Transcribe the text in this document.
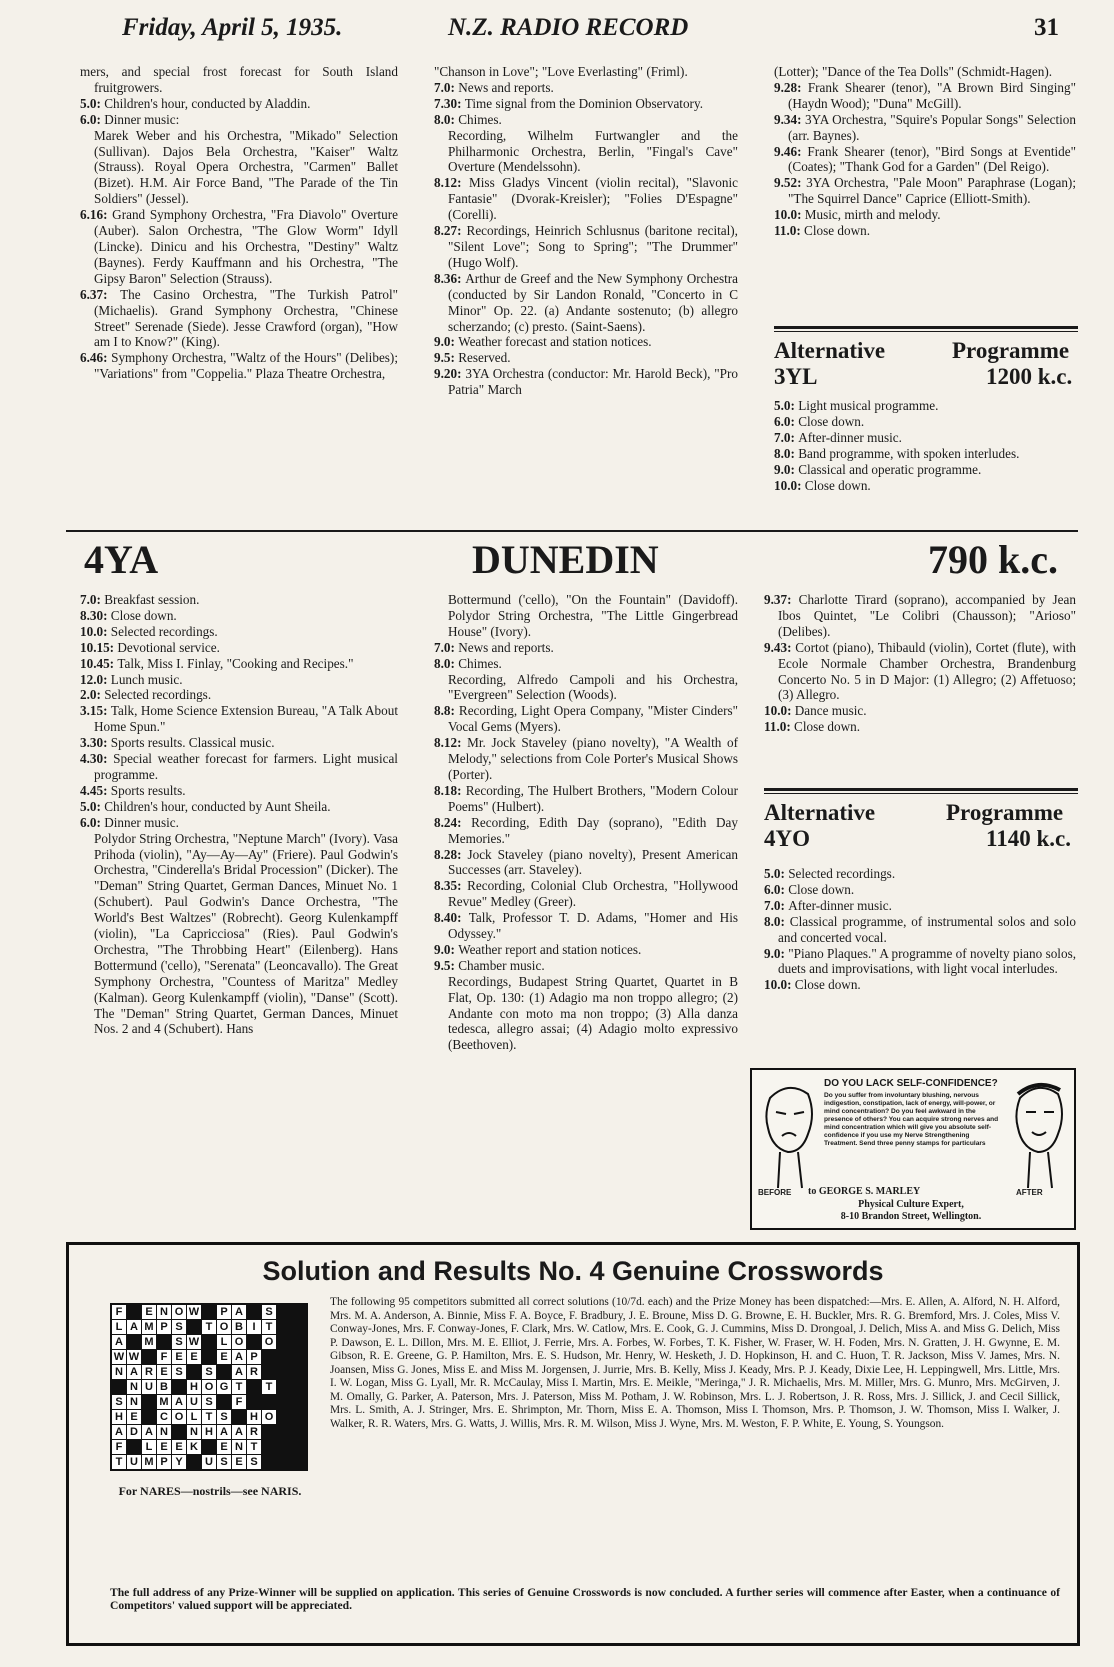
Friday, April 5, 1935.	N.Z. RADIO RECORD	31

mers, and special frost forecast for South Island fruitgrowers.

5.0: Children's hour, conducted by Aladdin.

6.0: Dinner music:

Marek Weber and his Orchestra, "Mikado" Selection (Sullivan). Dajos Bela Orchestra, "Kaiser" Waltz (Strauss). Royal Opera Orchestra, "Carmen" Ballet (Bizet). H.M. Air Force Band, "The Parade of the Tin Soldiers" (Jessel).

6.16: Grand Symphony Orchestra, "Fra Diavolo" Overture (Auber). Salon Orchestra, "The Glow Worm" Idyll (Lincke). Dinicu and his Orchestra, "Destiny" Waltz (Baynes). Ferdy Kauffmann and his Orchestra, "The Gipsy Baron" Selection (Strauss).

6.37: The Casino Orchestra, "The Turkish Patrol" (Michaelis). Grand Symphony Orchestra, "Chinese Street" Serenade (Siede). Jesse Crawford (organ), "How am I to Know?" (King).

6.46: Symphony Orchestra, "Waltz of the Hours" (Delibes); "Variations" from "Coppelia." Plaza Theatre Orchestra,

"Chanson in Love"; "Love Everlasting" (Friml).

7.0: News and reports.

7.30: Time signal from the Dominion Observatory.

8.0: Chimes.

Recording, Wilhelm Furtwangler and the Philharmonic Orchestra, Berlin, "Fingal's Cave" Overture (Mendelssohn).

8.12: Miss Gladys Vincent (violin recital), "Slavonic Fantasie" (Dvorak-Kreisler); "Folies D'Espagne" (Corelli).

8.27: Recordings, Heinrich Schlusnus (baritone recital), "Silent Love"; Song to Spring"; "The Drummer" (Hugo Wolf).

8.36: Arthur de Greef and the New Symphony Orchestra (conducted by Sir Landon Ronald, "Concerto in C Minor" Op. 22. (a) Andante sostenuto; (b) allegro scherzando; (c) presto. (Saint-Saens).

9.0: Weather forecast and station notices.

9.5: Reserved.

9.20: 3YA Orchestra (conductor: Mr. Harold Beck), "Pro Patria" March

(Lotter); "Dance of the Tea Dolls" (Schmidt-Hagen).

9.28: Frank Shearer (tenor), "A Brown Bird Singing" (Haydn Wood); "Duna" McGill).

9.34: 3YA Orchestra, "Squire's Popular Songs" Selection (arr. Baynes).

9.46: Frank Shearer (tenor), "Bird Songs at Eventide" (Coates); "Thank God for a Garden" (Del Reigo).

9.52: 3YA Orchestra, "Pale Moon" Paraphrase (Logan); "The Squirrel Dance" Caprice (Elliott-Smith).

10.0: Music, mirth and melody.

11.0: Close down.

Alternative	Programme
3YL	1200 k.c.

5.0: Light musical programme.

6.0: Close down.

7.0: After-dinner music.

8.0: Band programme, with spoken interludes.

9.0: Classical and operatic programme.

10.0: Close down.

4YA	DUNEDIN	790 k.c.

7.0: Breakfast session.

8.30: Close down.

10.0: Selected recordings.

10.15: Devotional service.

10.45: Talk, Miss I. Finlay, "Cooking and Recipes."

12.0: Lunch music.

2.0: Selected recordings.

3.15: Talk, Home Science Extension Bureau, "A Talk About Home Spun."

3.30: Sports results. Classical music.

4.30: Special weather forecast for farmers. Light musical programme.

4.45: Sports results.

5.0: Children's hour, conducted by Aunt Sheila.

6.0: Dinner music.

Polydor String Orchestra, "Neptune March" (Ivory). Vasa Prihoda (violin), "Ay—Ay—Ay" (Friere). Paul Godwin's Orchestra, "Cinderella's Bridal Procession" (Dicker). The "Deman" String Quartet, German Dances, Minuet No. 1 (Schubert). Paul Godwin's Dance Orchestra, "The World's Best Waltzes" (Robrecht). Georg Kulenkampff (violin), "La Capricciosa" (Ries). Paul Godwin's Orchestra, "The Throbbing Heart" (Eilenberg). Hans Bottermund ('cello), "Serenata" (Leoncavallo). The Great Symphony Orchestra, "Countess of Maritza" Medley (Kalman). Georg Kulenkampff (violin), "Danse" (Scott). The "Deman" String Quartet, German Dances, Minuet Nos. 2 and 4 (Schubert). Hans

Bottermund ('cello), "On the Fountain" (Davidoff). Polydor String Orchestra, "The Little Gingerbread House" (Ivory).

7.0: News and reports.

8.0: Chimes.

Recording, Alfredo Campoli and his Orchestra, "Evergreen" Selection (Woods).

8.8: Recording, Light Opera Company, "Mister Cinders" Vocal Gems (Myers).

8.12: Mr. Jock Staveley (piano novelty), "A Wealth of Melody," selections from Cole Porter's Musical Shows (Porter).

8.18: Recording, The Hulbert Brothers, "Modern Colour Poems" (Hulbert).

8.24: Recording, Edith Day (soprano), "Edith Day Memories."

8.28: Jock Staveley (piano novelty), Present American Successes (arr. Staveley).

8.35: Recording, Colonial Club Orchestra, "Hollywood Revue" Medley (Greer).

8.40: Talk, Professor T. D. Adams, "Homer and His Odyssey."

9.0: Weather report and station notices.

9.5: Chamber music.

Recordings, Budapest String Quartet, Quartet in B Flat, Op. 130: (1) Adagio ma non troppo allegro; (2) Andante con moto ma non troppo; (3) Alla danza tedesca, allegro assai; (4) Adagio molto expressivo (Beethoven).

9.37: Charlotte Tirard (soprano), accompanied by Jean Ibos Quintet, "Le Colibri (Chausson); "Arioso" (Delibes).

9.43: Cortot (piano), Thibauld (violin), Cortet (flute), with Ecole Normale Chamber Orchestra, Brandenburg Concerto No. 5 in D Major: (1) Allegro; (2) Affetuoso; (3) Allegro.

10.0: Dance music.

11.0: Close down.

Alternative	Programme
4YO	1140 k.c.

5.0: Selected recordings.

6.0: Close down.

7.0: After-dinner music.

8.0: Classical programme, of instrumental solos and solo and concerted vocal.

9.0: "Piano Plaques." A programme of novelty piano solos, duets and improvisations, with light vocal interludes.

10.0: Close down.

DO YOU LACK SELF-CONFIDENCE?
Do you suffer from involuntary blushing, nervous indigestion, constipation, lack of energy, will-power, or mind concentration? Do you feel awkward in the presence of others? You can acquire strong nerves and mind concentration which will give you absolute self-confidence if you use my Nerve Strengthening Treatment. Send three penny stamps for particulars
BEFORE to GEORGE S. MARLEY	AFTER
Physical Culture Expert,
8-10 Brandon Street, Wellington.
Solution and Results No. 4 Genuine Crosswords
F	E N O W	P A	S
L A M P S	T O B I T
A M	S W	L O O
W W	F E E	E A P
N A R E S	S	A R
N U B H O G T	T
S N M A U S	F
H E	C O L T S	H O
A D A N N H A A R
F	L E E K	E N T
T U M P Y	U S E S
For NARES—nostrils—see NARIS.
The following 95 competitors submitted all correct solutions (10/7d. each) and the Prize Money has been dispatched:—Mrs. E. Allen, A. Alford, N. H. Alford, Mrs. M. A. Anderson, A. Binnie, Miss F. A. Boyce, F. Bradbury, J. E. Broune, Miss D. G. Browne, E. H. Buckler, Mrs. R. G. Bremford, Mrs. J. Coles, Miss V. Conway-Jones, Mrs. F. Conway-Jones, F. Clark, Mrs. W. Catlow, Mrs. E. Cook, G. J. Cummins, Miss D. Drongoal, J. Delich, Miss A. and Miss G. Delich, Miss P. Dawson, E. L. Dillon, Mrs. M. E. Elliot, J. Ferrie, Mrs. A. Forbes, W. Forbes, T. K. Fisher, W. Fraser, W. H. Foden, Mrs. N. Gratten, J. H. Gwynne, E. M. Gibson, R. E. Greene, G. P. Hamilton, Mrs. E. S. Hudson, Mr. Henry, W. Hesketh, J. D. Hopkinson, H. and C. Huon, T. R. Jackson, Miss V. James, Mrs. N. Joansen, Miss G. Jones, Miss E. and Miss M. Jorgensen, J. Jurrie, Mrs. B. Kelly, Miss J. Keady, Mrs. P. J. Keady, Dixie Lee, H. Leppingwell, Mrs. Little, Mrs. I. W. Logan, Miss G. Lyall, Mr. R. McCaulay, Miss I. Martin, Mrs. E. Meikle, "Meringa," J. R. Michaelis, Mrs. M. Miller, Mrs. G. Munro, Mrs. McGirven, J. M. Omally, G. Parker, A. Paterson, Mrs. J. Paterson, Miss M. Potham, J. W. Robinson, Mrs. L. J. Robertson, J. R. Ross, Mrs. J. Sillick, J. and Cecil Sillick, Mrs. L. Smith, A. J. Stringer, Mrs. E. Shrimpton, Mr. Thorn, Miss E. A. Thomson, Miss I. Thomson, Mrs. P. Thomson, J. W. Thomson, Miss I. Walker, J. Walker, R. R. Waters, Mrs. G. Watts, J. Willis, Mrs. R. M. Wilson, Miss J. Wyne, Mrs. M. Weston, F. P. White, E. Young, S. Youngson.
The full address of any Prize-Winner will be supplied on application. This series of Genuine Crosswords is now concluded. A further series will commence after Easter, when a continuance of Competitors' valued support will be appreciated.
